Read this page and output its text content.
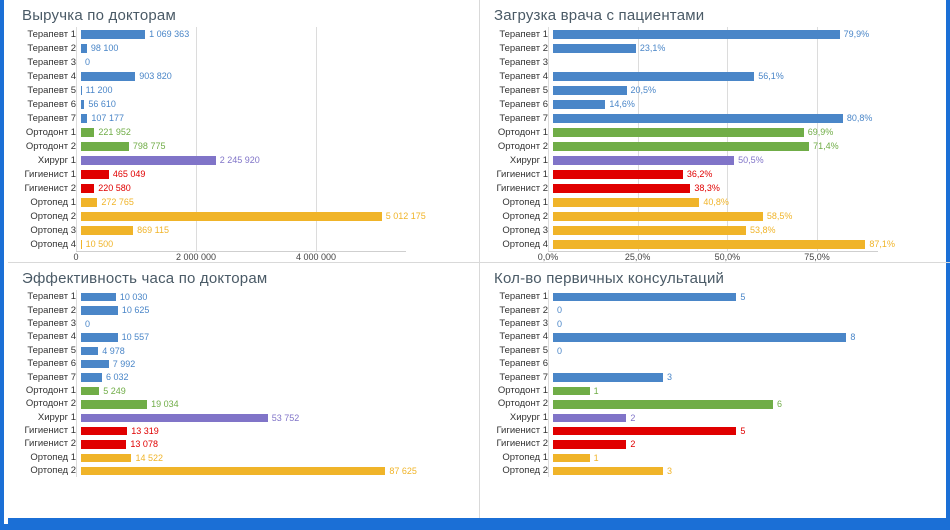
Выручка по докторам
Терапевт 1	1 069 363
Терапевт 2	98 100
Терапевт 3	0
Терапевт 4	903 820
Терапевт 5	11 200
Терапевт 6	56 610
Терапевт 7	107 177
Ортодонт 1	221 952
Ортодонт 2	798 775
Хирург 1	2 245 920
Гигиенист 1	465 049
Гигиенист 2	220 580
Ортопед 1	272 765
Ортопед 2	5 012 175
Ортопед 3	869 115
Ортопед 4	10 500
0	2 000 000	4 000 000
Загрузка врача с пациентами
Терапевт 1	79,9%
Терапевт 2	23,1%
Терапевт 3
Терапевт 4	56,1%
Терапевт 5	20,5%
Терапевт 6	14,6%
Терапевт 7	80,8%
Ортодонт 1	69,9%
Ортодонт 2	71,4%
Хирург 1	50,5%
Гигиенист 1	36,2%
Гигиенист 2	38,3%
Ортопед 1	40,8%
Ортопед 2	58,5%
Ортопед 3	53,8%
Ортопед 4	87,1%
0,0%	25,0%	50,0%	75,0%
Эффективность часа по докторам
Терапевт 1	10 030
Терапевт 2	10 625
Терапевт 3	0
Терапевт 4	10 557
Терапевт 5	4 978
Терапевт 6	7 992
Терапевт 7	6 032
Ортодонт 1	5 249
Ортодонт 2	19 034
Хирург 1	53 752
Гигиенист 1	13 319
Гигиенист 2	13 078
Ортопед 1	14 522
Ортопед 2	87 625
Кол-во первичных консультаций
Терапевт 1	5
Терапевт 2	0
Терапевт 3	0
Терапевт 4	8
Терапевт 5	0
Терапевт 6
Терапевт 7	3
Ортодонт 1	1
Ортодонт 2	6
Хирург 1	2
Гигиенист 1	5
Гигиенист 2	2
Ортопед 1	1
Ортопед 2	3
